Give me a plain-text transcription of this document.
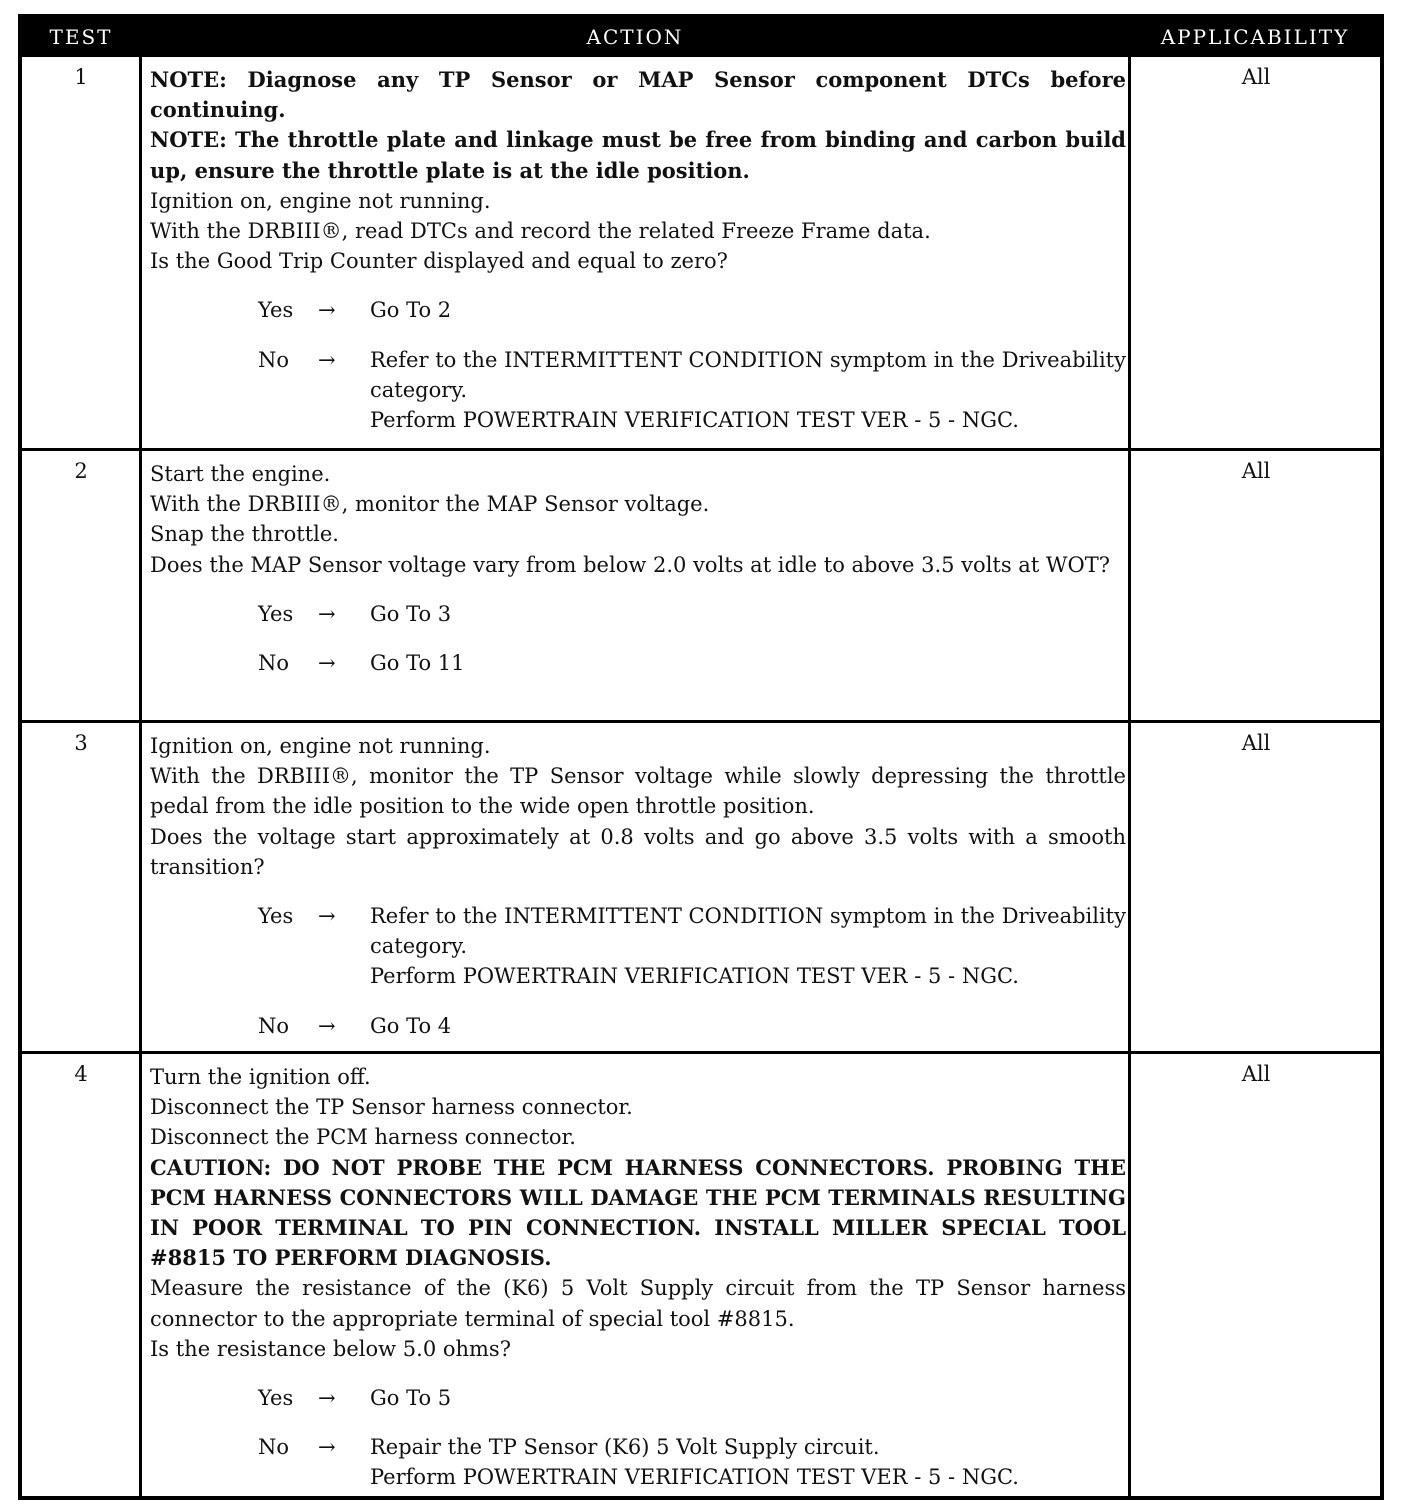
TEST	ACTION	APPLICABILITY
1	NOTE: Diagnose any TP Sensor or MAP Sensor component DTCs before continuing.

NOTE: The throttle plate and linkage must be free from binding and carbon build up, ensure the throttle plate is at the idle position.

Ignition on, engine not running.

With the DRBIII®, read DTCs and record the related Freeze Frame data.

Is the Good Trip Counter displayed and equal to zero?

Yes → Go To 2

No → Refer to the INTERMITTENT CONDITION symptom in the Driveability category.

Perform POWERTRAIN VERIFICATION TEST VER - 5 - NGC.

All
2	Start the engine.

With the DRBIII®, monitor the MAP Sensor voltage.

Snap the throttle.

Does the MAP Sensor voltage vary from below 2.0 volts at idle to above 3.5 volts at WOT?

Yes → Go To 3

No → Go To 11

All
3	Ignition on, engine not running.

With the DRBIII®, monitor the TP Sensor voltage while slowly depressing the throttle pedal from the idle position to the wide open throttle position.

Does the voltage start approximately at 0.8 volts and go above 3.5 volts with a smooth transition?

Yes → Refer to the INTERMITTENT CONDITION symptom in the Driveability category.

Perform POWERTRAIN VERIFICATION TEST VER - 5 - NGC.

No → Go To 4

All
4	Turn the ignition off.

Disconnect the TP Sensor harness connector.

Disconnect the PCM harness connector.

CAUTION: DO NOT PROBE THE PCM HARNESS CONNECTORS. PROBING THE PCM HARNESS CONNECTORS WILL DAMAGE THE PCM TERMINALS RESULTING IN POOR TERMINAL TO PIN CONNECTION. INSTALL MILLER SPECIAL TOOL #8815 TO PERFORM DIAGNOSIS.

Measure the resistance of the (K6) 5 Volt Supply circuit from the TP Sensor harness connector to the appropriate terminal of special tool #8815.

Is the resistance below 5.0 ohms?

Yes → Go To 5

No → Repair the TP Sensor (K6) 5 Volt Supply circuit.

Perform POWERTRAIN VERIFICATION TEST VER - 5 - NGC.

All
